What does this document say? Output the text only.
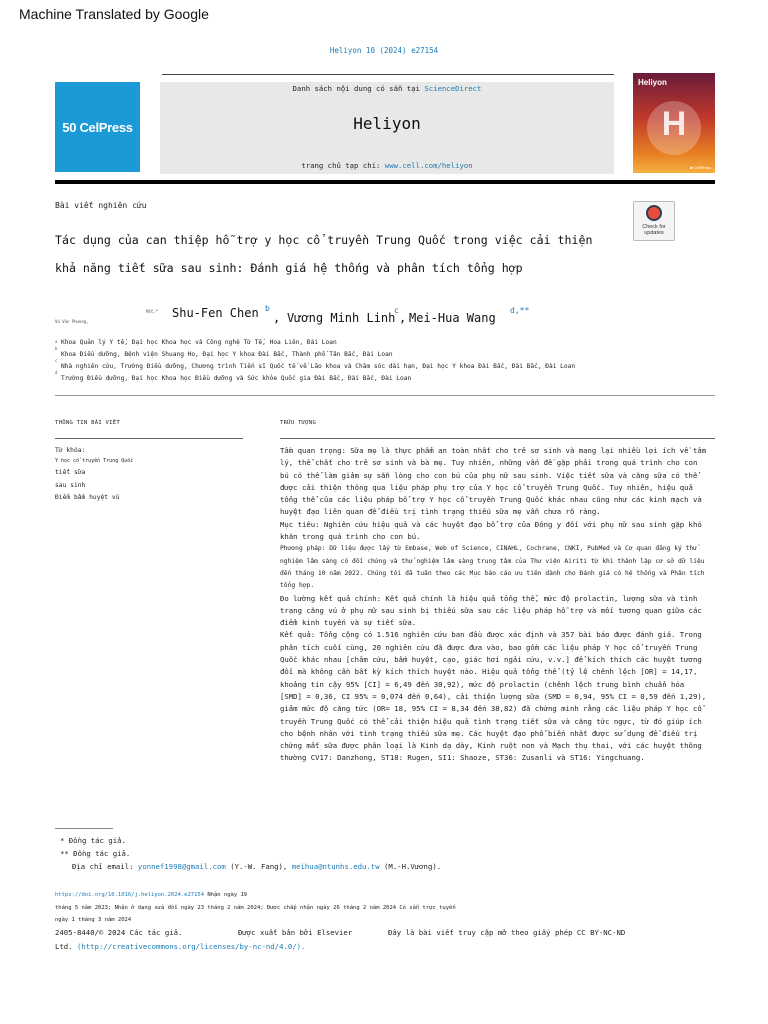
Machine Translated by Google
Heliyon 10 (2024) e27154
50 CelPress
Danh sách nội dung có sẵn tại ScienceDirect
Heliyon
trang chủ tạp chí: www.cell.com/heliyon
Heliyon
H
■ CellPress
Bài viết nghiên cứu
Check for
updates
Tác dụng của can thiệp hỗ trợ y học cổ truyền Trung Quốc trong việc cải thiện
khả năng tiết sữa sau sinh: Đánh giá hệ thống và phân tích tổng hợp
Mốt,*
Vũ Văn Phương,
Shu-Fen Chen b
, Vương Minh Linh
c
, Mei-Hua Wang
d,**
a Khoa Quản lý Y tế, Đại học Khoa học và Công nghệ Từ Tế, Hoa Liên, Đài Loan
b
Khoa Điều dưỡng, Bệnh viện Shuang Ho, Đại học Y khoa Đài Bắc, Thành phố Tân Bắc, Đài Loan
c
Nhà nghiên cứu, Trường Điều dưỡng, Chương trình Tiến sĩ Quốc tế về Lão khoa và Chăm sóc dài hạn, Đại học Y khoa Đài Bắc, Đài Bắc, Đài Loan
d
Trường Điều dưỡng, Đại học Khoa học Điều dưỡng và Sức khỏe Quốc gia Đài Bắc, Đài Bắc, Đài Loan
THÔNG TIN BÀI VIẾT	TRỪU TƯỢNG
Từ khóa:
Y học cổ truyền Trung Quốc
tiết sữa
sau sinh
Điểm bấm huyệt vú

Tầm quan trọng: Sữa mẹ là thực phẩm an toàn nhất cho trẻ sơ sinh và mang lại nhiều lợi ích về tâm lý, thể chất cho trẻ sơ sinh và bà mẹ. Tuy nhiên, những vấn đề gặp phải trong quá trình cho con bú có thể làm giảm sự sẵn lòng cho con bú của phụ nữ sau sinh. Việc tiết sữa và căng sữa có thể được cải thiện thông qua liệu pháp phụ trợ của Y học cổ truyền Trung Quốc. Tuy nhiên, hiệu quả tổng thể của các liệu pháp bổ trợ Y học cổ truyền Trung Quốc khác nhau cũng như các kinh mạch và huyệt đạo liên quan để điều trị tình trạng thiếu sữa mẹ vẫn chưa rõ ràng.

Mục tiêu: Nghiên cứu hiệu quả và các huyệt đạo bổ trợ của Đông y đối với phụ nữ sau sinh gặp khó khăn trong quá trình cho con bú.

Phương pháp: Dữ liệu được lấy từ Embase, Web of Science, CINAHL, Cochrane, CNKI, PubMed và Cơ quan đăng ký thử nghiệm lâm sàng có đối chứng và thử nghiệm lâm sàng trung tâm của Thư viện Airiti từ khi thành lập cơ sở dữ liệu đến tháng 10 năm 2022. Chúng tôi đã tuân theo các Mục báo cáo ưu tiên dành cho Đánh giá có hệ thống và Phân tích tổng hợp.

Đo lường kết quả chính: Kết quả chính là hiệu quả tổng thể, mức độ prolactin, lượng sữa và tình trạng căng vú ở phụ nữ sau sinh bị thiếu sữa sau các liệu pháp hỗ trợ và mối tương quan giữa các điểm kinh tuyến và sự tiết sữa.

Kết quả: Tổng cộng có 1.516 nghiên cứu ban đầu được xác định và 357 bài báo được đánh giá. Trong phân tích cuối cùng, 20 nghiên cứu đã được đưa vào, bao gồm các liệu pháp Y học cổ truyền Trung Quốc khác nhau [châm cứu, bấm huyệt, cạo, giác hơi ngải cứu, v.v.] để kích thích các huyệt tương đối mà không cần bất kỳ kích thích huyệt nào. Hiệu quả tổng thể (tỷ lệ chênh lệch [OR] = 14,17, khoảng tin cậy 95% [CI] = 6,49 đến 30,92), mức độ prolactin (chênh lệch trung bình chuẩn hóa [SMD] = 0,36, CI 95% = 0,074 đến 0,64), cải thiện lượng sữa (SMD = 0,94, 95% CI = 0,59 đến 1,29), giảm mức độ căng tức (OR= 18, 95% CI = 8,34 đến 38,82) đã chứng minh rằng các liệu pháp Y học cổ truyền Trung Quốc có thể cải thiện hiệu quả tình trạng tiết sữa và căng tức ngực, từ đó giúp ích cho bệnh nhân với tình trạng thiếu sữa mẹ. Các huyệt đạo phổ biến nhất được sử dụng để điều trị chứng mất sữa được phân loại là Kinh dạ dày, Kinh ruột non và Mạch thụ thai, với các huyệt thông thường CV17: Danzhong, ST18: Rugen, SI1: Shaoze, ST36: Zusanli và ST16: Yingchuang.

* Đồng tác giả.
** Đồng tác giả.
Địa chỉ email: yonnef1998@gmail.com (Y.-W. Fang), meihua@ntunhs.edu.tw (M.-H.Vương).
https://doi.org/10.1016/j.heliyon.2024.e27154 Nhận ngày 19
tháng 5 năm 2023; Nhận ở dạng sửa đổi ngày 23 tháng 2 năm 2024; Được chấp nhận ngày 26 tháng 2 năm 2024 Có sẵn trực tuyến
ngày 1 tháng 3 năm 2024
2405-8440/© 2024 Các tác giả.	Được xuất bản bởi Elsevier	Đây là bài viết truy cập mở theo giấy phép CC BY-NC-ND
Ltd. (http://creativecommons.org/licenses/by-nc-nd/4.0/).
